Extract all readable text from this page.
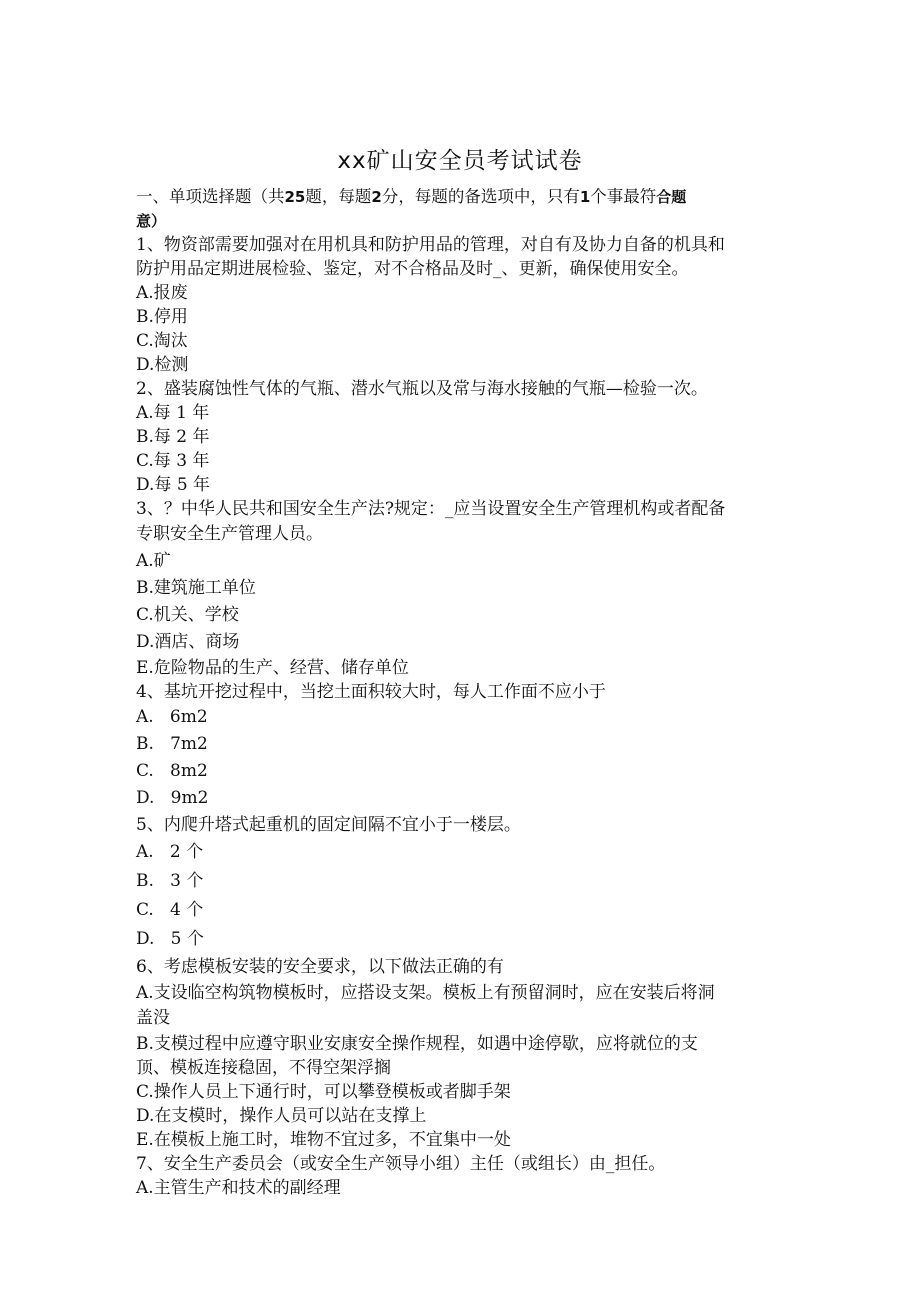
xx矿山安全员考试试卷
一、单项选择题（共25题，每题2分，每题的备选项中，只有1个事最符合题
意）
1、物资部需要加强对在用机具和防护用品的管理，对自有及协力自备的机具和
防护用品定期进展检验、鉴定，对不合格品及时_、更新，确保使用安全。
A.报废
B.停用
C.淘汰
D.检测
2、盛装腐蚀性气体的气瓶、潜水气瓶以及常与海水接触的气瓶—检验一次。
A.每 1 年
B.每 2 年
C.每 3 年
D.每 5 年
3、？中华人民共和国安全生产法?规定：_应当设置安全生产管理机构或者配备
专职安全生产管理人员。
A.矿
B.建筑施工单位
C.机关、学校
D.酒店、商场
E.危险物品的生产、经营、储存单位
4、基坑开挖过程中，当挖土面积较大时，每人工作面不应小于
A.   6m2
B.   7m2
C.   8m2
D.   9m2
5、内爬升塔式起重机的固定间隔不宜小于一楼层。
A.   2 个
B.   3 个
C.   4 个
D.   5 个
6、考虑模板安装的安全要求，以下做法正确的有
A.支设临空构筑物模板时，应搭设支架。模板上有预留洞时，应在安装后将洞
盖没
B.支模过程中应遵守职业安康安全操作规程，如遇中途停歇，应将就位的支
顶、模板连接稳固，不得空架浮搁
C.操作人员上下通行时，可以攀登模板或者脚手架
D.在支模时，操作人员可以站在支撑上
E.在模板上施工时，堆物不宜过多，不宜集中一处
7、安全生产委员会（或安全生产领导小组）主任（或组长）由_担任。
A.主管生产和技术的副经理
